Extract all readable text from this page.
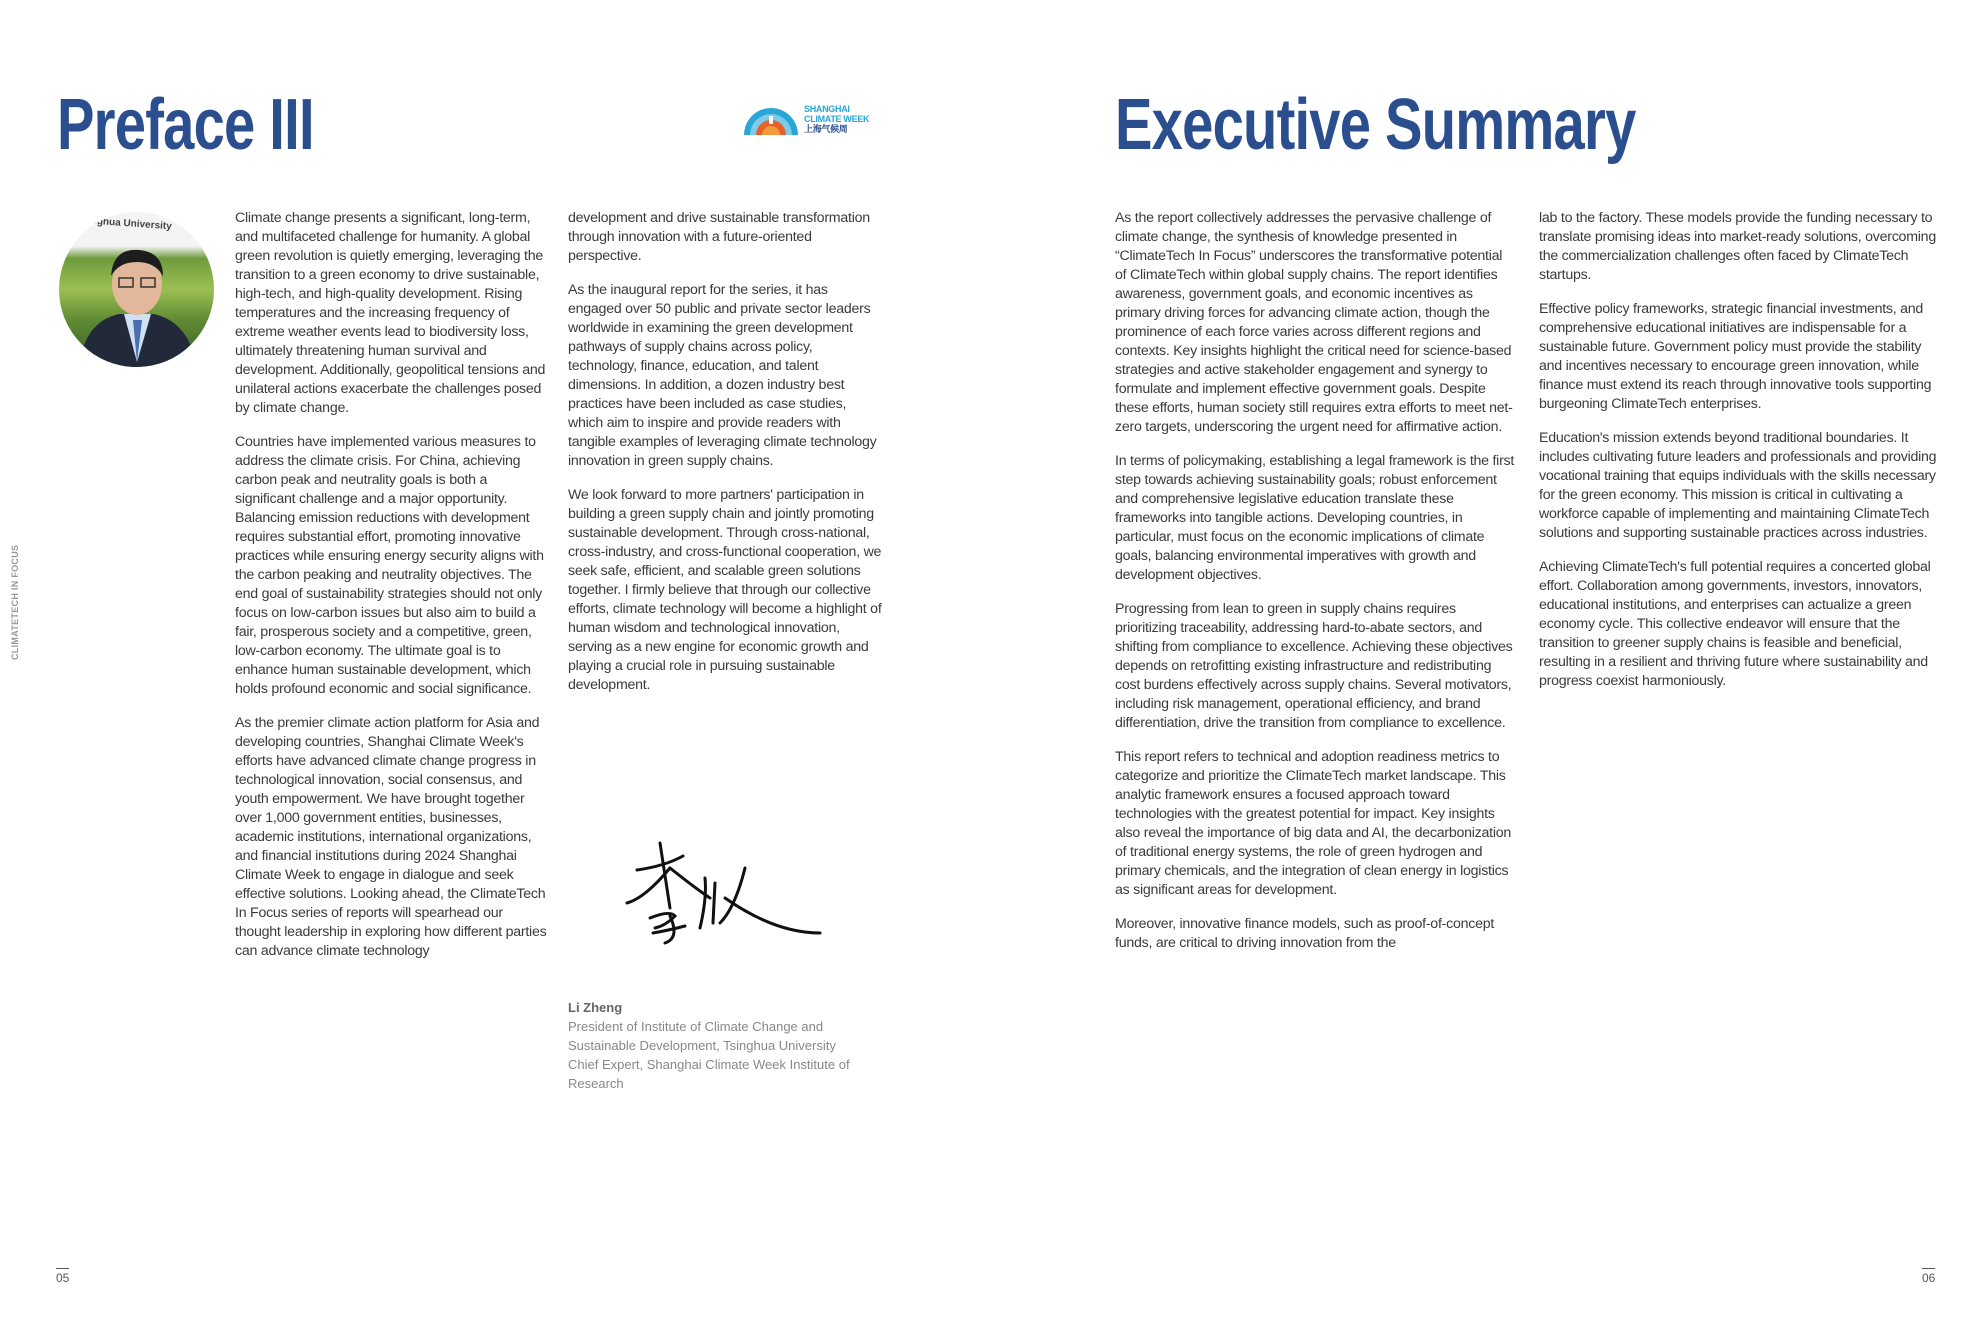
Preface III	SHANGHAI
CLIMATE WEEK
上海气候周
Tsinghua University
CLIMATETECH IN FOCUS

Climate change presents a significant, long-term, and multifaceted challenge for humanity. A global green revolution is quietly emerging, leveraging the transition to a green economy to drive sustainable, high-tech, and high-quality development. Rising temperatures and the increasing frequency of extreme weather events lead to biodiversity loss, ultimately threatening human survival and development. Additionally, geopolitical tensions and unilateral actions exacerbate the challenges posed by climate change.

Countries have implemented various measures to address the climate crisis. For China, achieving carbon peak and neutrality goals is both a significant challenge and a major opportunity. Balancing emission reductions with development requires substantial effort, promoting innovative practices while ensuring energy security aligns with the carbon peaking and neutrality objectives. The end goal of sustainability strategies should not only focus on low-carbon issues but also aim to build a fair, prosperous society and a competitive, green, low-carbon economy. The ultimate goal is to enhance human sustainable development, which holds profound economic and social significance.

As the premier climate action platform for Asia and developing countries, Shanghai Climate Week's efforts have advanced climate change progress in technological innovation, social consensus, and youth empowerment. We have brought together over 1,000 government entities, businesses, academic institutions, international organizations, and financial institutions during 2024 Shanghai Climate Week to engage in dialogue and seek effective solutions. Looking ahead, the ClimateTech In Focus series of reports will spearhead our thought leadership in exploring how different parties can advance climate technology

development and drive sustainable transformation through innovation with a future-oriented perspective.

As the inaugural report for the series, it has engaged over 50 public and private sector leaders worldwide in examining the green development pathways of supply chains across policy, technology, finance, education, and talent dimensions. In addition, a dozen industry best practices have been included as case studies, which aim to inspire and provide readers with tangible examples of leveraging climate technology innovation in green supply chains.

We look forward to more partners' participation in building a green supply chain and jointly promoting sustainable development. Through cross-national, cross-industry, and cross-functional cooperation, we seek safe, efficient, and scalable green solutions together. I firmly believe that through our collective efforts, climate technology will become a highlight of human wisdom and technological innovation, serving as a new engine for economic growth and playing a crucial role in pursuing sustainable development.

Li Zheng
President of Institute of Climate Change and Sustainable Development, Tsinghua University
Chief Expert, Shanghai Climate Week Institute of Research
05
Executive Summary

As the report collectively addresses the pervasive challenge of climate change, the synthesis of knowledge presented in “ClimateTech In Focus” underscores the transformative potential of ClimateTech within global supply chains. The report identifies awareness, government goals, and economic incentives as primary driving forces for advancing climate action, though the prominence of each force varies across different regions and contexts. Key insights highlight the critical need for science-based strategies and active stakeholder engagement and synergy to formulate and implement effective government goals. Despite these efforts, human society still requires extra efforts to meet net-zero targets, underscoring the urgent need for affirmative action.

In terms of policymaking, establishing a legal framework is the first step towards achieving sustainability goals; robust enforcement and comprehensive legislative education translate these frameworks into tangible actions. Developing countries, in particular, must focus on the economic implications of climate goals, balancing environmental imperatives with growth and development objectives.

Progressing from lean to green in supply chains requires prioritizing traceability, addressing hard-to-abate sectors, and shifting from compliance to excellence. Achieving these objectives depends on retrofitting existing infrastructure and redistributing cost burdens effectively across supply chains. Several motivators, including risk management, operational efficiency, and brand differentiation, drive the transition from compliance to excellence.

This report refers to technical and adoption readiness metrics to categorize and prioritize the ClimateTech market landscape. This analytic framework ensures a focused approach toward technologies with the greatest potential for impact. Key insights also reveal the importance of big data and AI, the decarbonization of traditional energy systems, the role of green hydrogen and primary chemicals, and the integration of clean energy in logistics as significant areas for development.

Moreover, innovative finance models, such as proof-of-concept funds, are critical to driving innovation from the

lab to the factory. These models provide the funding necessary to translate promising ideas into market-ready solutions, overcoming the commercialization challenges often faced by ClimateTech startups.

Effective policy frameworks, strategic financial investments, and comprehensive educational initiatives are indispensable for a sustainable future. Government policy must provide the stability and incentives necessary to encourage green innovation, while finance must extend its reach through innovative tools supporting burgeoning ClimateTech enterprises.

Education's mission extends beyond traditional boundaries. It includes cultivating future leaders and professionals and providing vocational training that equips individuals with the skills necessary for the green economy. This mission is critical in cultivating a workforce capable of implementing and maintaining ClimateTech solutions and supporting sustainable practices across industries.

Achieving ClimateTech's full potential requires a concerted global effort. Collaboration among governments, investors, innovators, educational institutions, and enterprises can actualize a green economy cycle. This collective endeavor will ensure that the transition to greener supply chains is feasible and beneficial, resulting in a resilient and thriving future where sustainability and progress coexist harmoniously.

06
